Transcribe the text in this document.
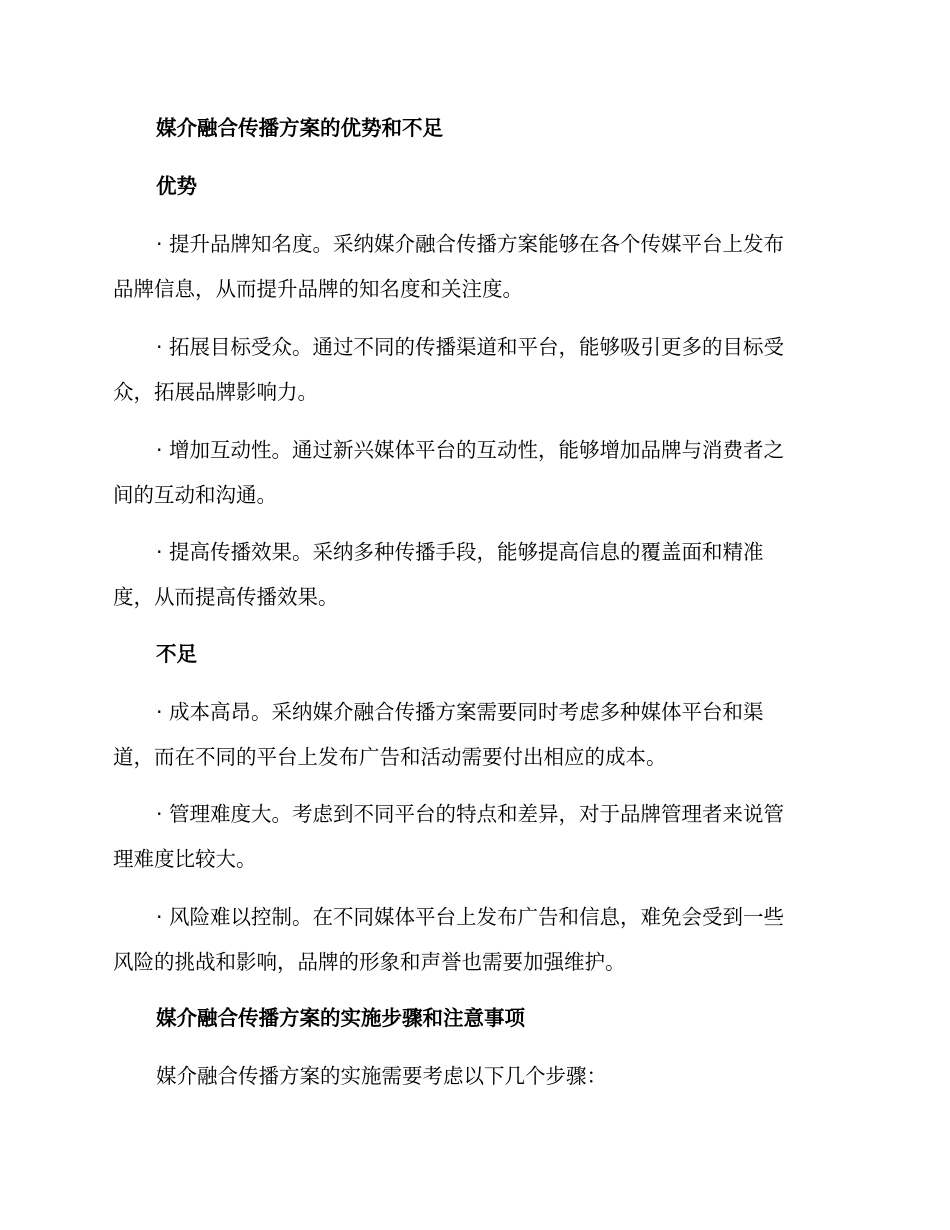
媒介融合传播方案的优势和不足
优势
· 提升品牌知名度。采纳媒介融合传播方案能够在各个传媒平台上发布
品牌信息，从而提升品牌的知名度和关注度。
· 拓展目标受众。通过不同的传播渠道和平台，能够吸引更多的目标受
众，拓展品牌影响力。
· 增加互动性。通过新兴媒体平台的互动性，能够增加品牌与消费者之
间的互动和沟通。
· 提高传播效果。采纳多种传播手段，能够提高信息的覆盖面和精准
度，从而提高传播效果。
不足
· 成本高昂。采纳媒介融合传播方案需要同时考虑多种媒体平台和渠
道，而在不同的平台上发布广告和活动需要付出相应的成本。
· 管理难度大。考虑到不同平台的特点和差异，对于品牌管理者来说管
理难度比较大。
· 风险难以控制。在不同媒体平台上发布广告和信息，难免会受到一些
风险的挑战和影响，品牌的形象和声誉也需要加强维护。
媒介融合传播方案的实施步骤和注意事项
媒介融合传播方案的实施需要考虑以下几个步骤：
